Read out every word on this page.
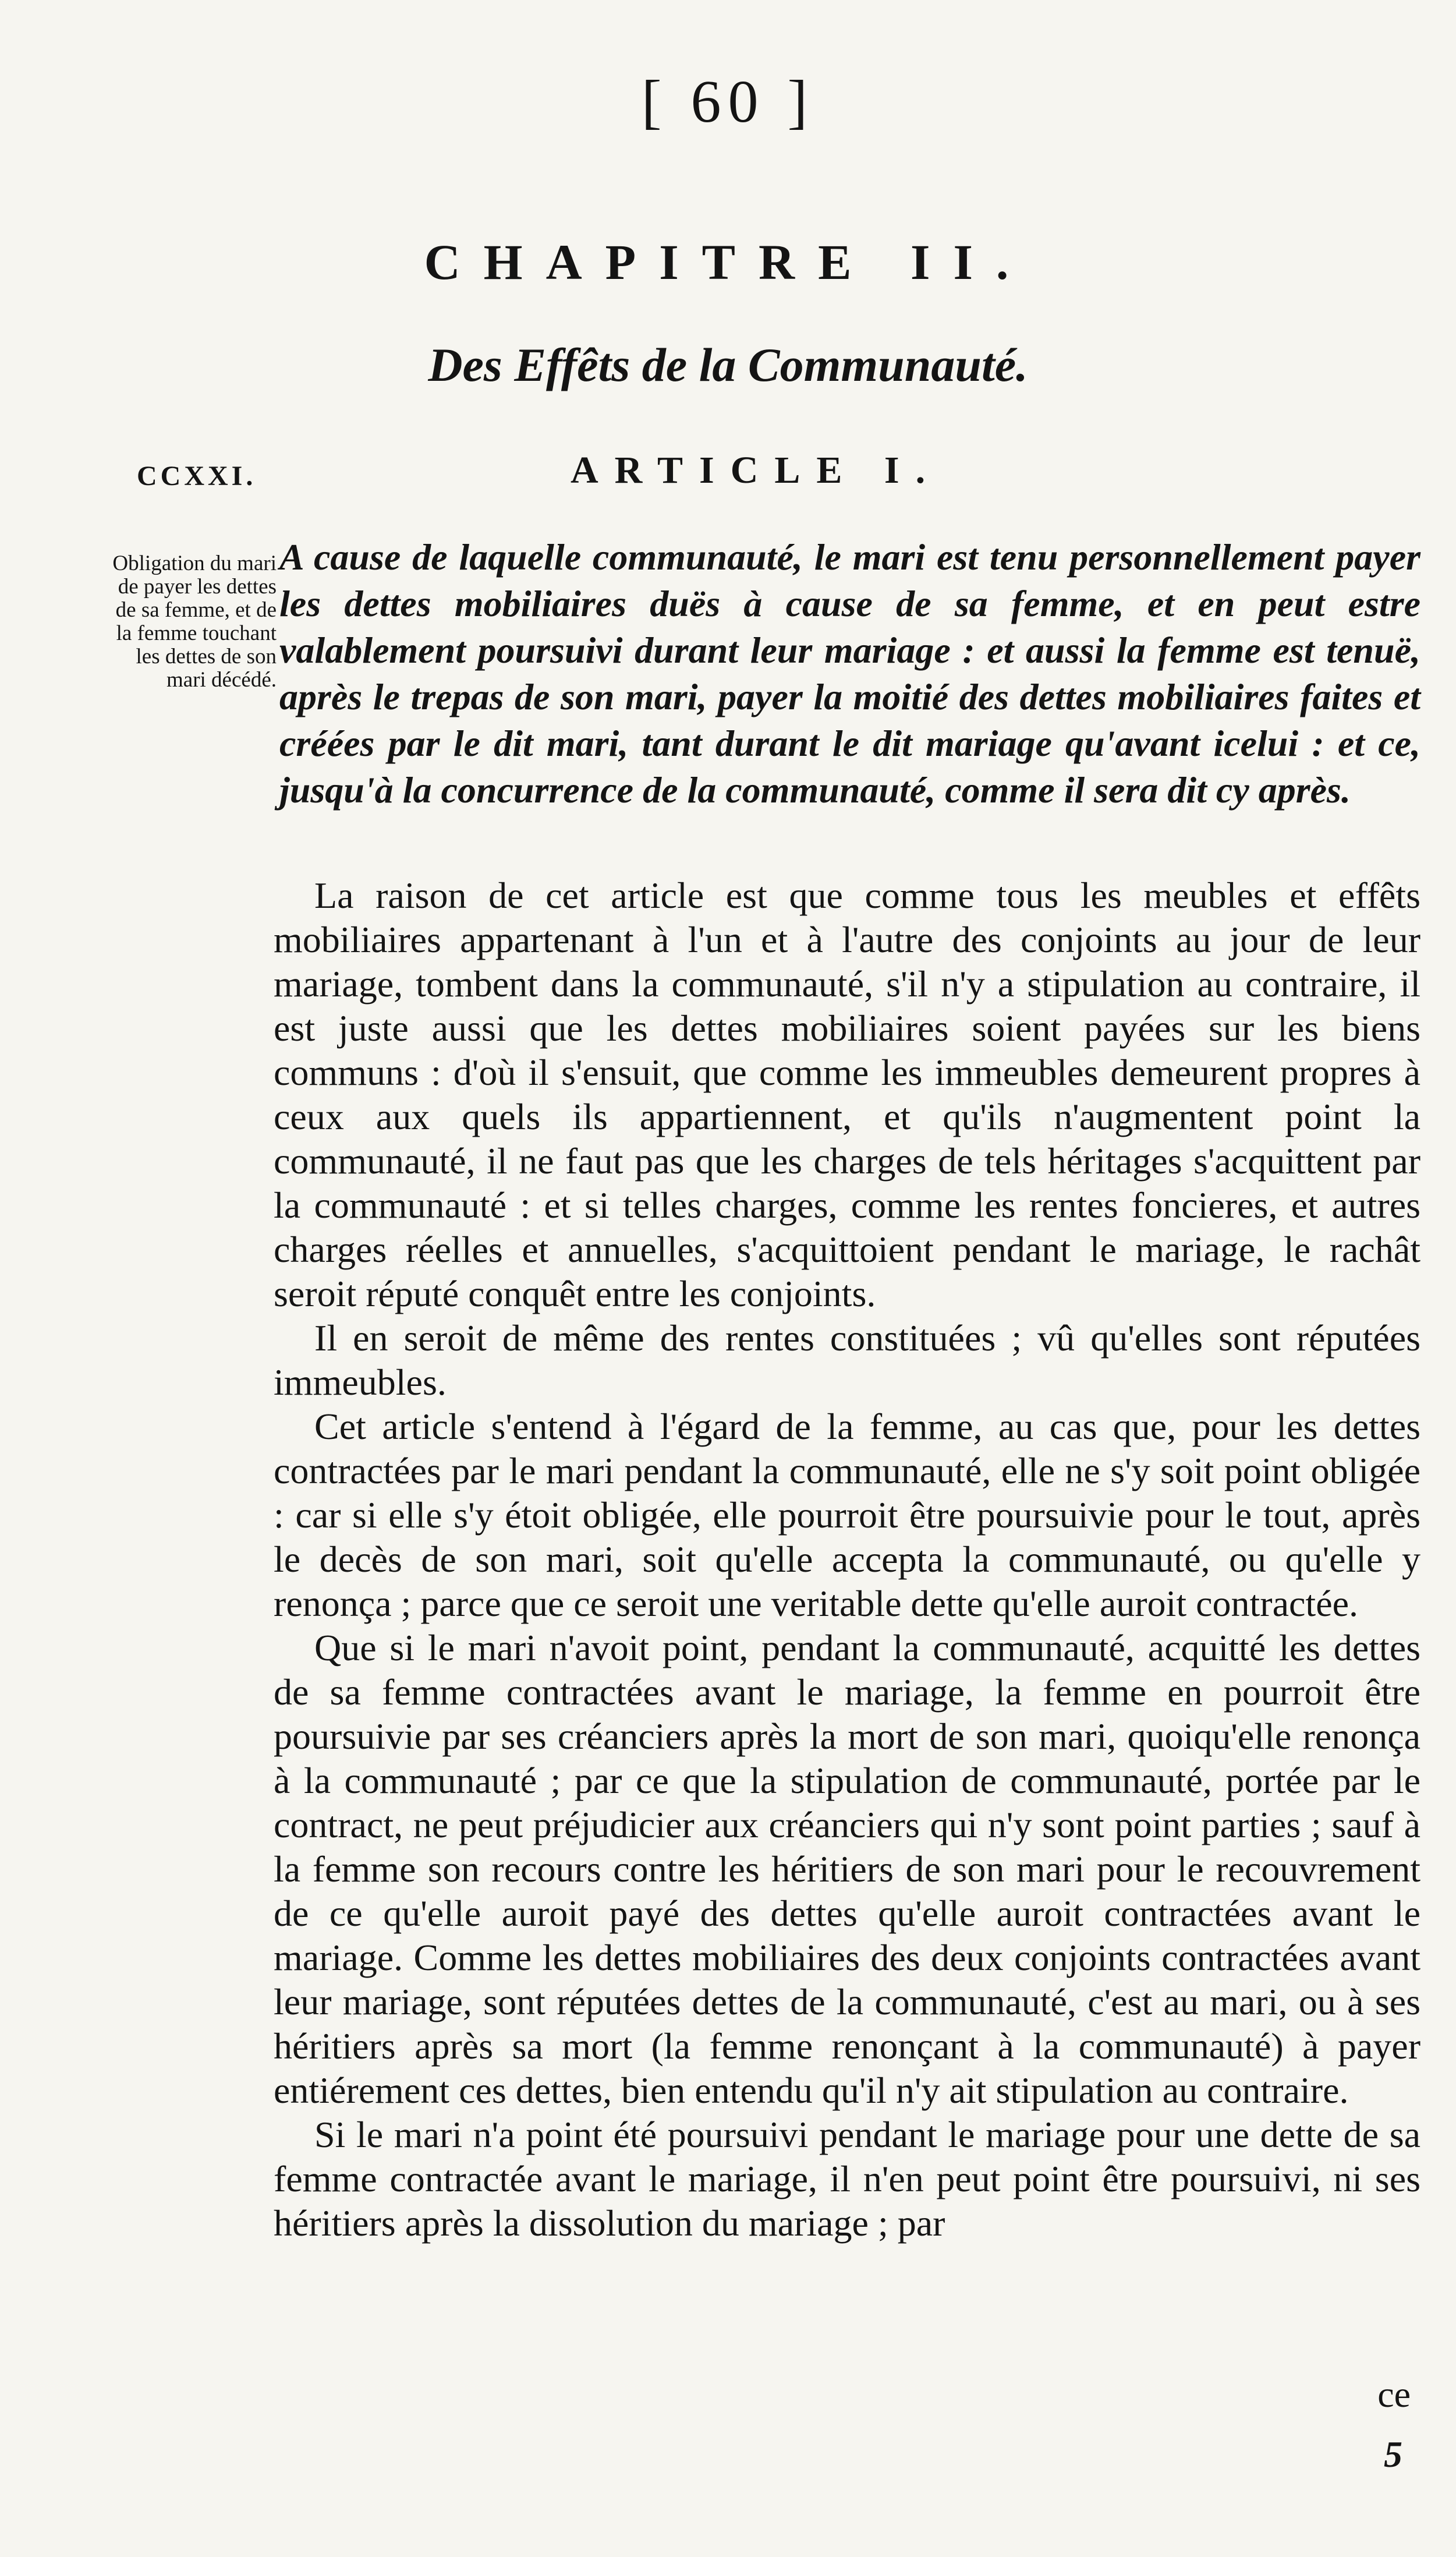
[ 60 ]
CHAPITRE II.
Des Effêts de la Communauté.
CCXXI.	ARTICLE I.
Obligation du mari de payer les dettes de sa femme, et de la femme touchant les dettes de son mari décédé.
A cause de laquelle communauté, le mari est tenu personnellement payer les dettes mobiliaires duës à cause de sa femme, et en peut estre valablement poursuivi durant leur mariage : et aussi la femme est tenuë, après le trepas de son mari, payer la moitié des dettes mobiliaires faites et créées par le dit mari, tant durant le dit mariage qu'avant icelui : et ce, jusqu'à la concurrence de la communauté, comme il sera dit cy après.

La raison de cet article est que comme tous les meubles et effêts mobiliaires appartenant à l'un et à l'autre des conjoints au jour de leur mariage, tombent dans la communauté, s'il n'y a stipulation au contraire, il est juste aussi que les dettes mobiliaires soient payées sur les biens communs : d'où il s'ensuit, que comme les immeubles demeurent propres à ceux aux quels ils appartiennent, et qu'ils n'augmentent point la communauté, il ne faut pas que les charges de tels héritages s'acquittent par la communauté : et si telles charges, comme les rentes foncieres, et autres charges réelles et annuelles, s'acquittoient pendant le mariage, le rachât seroit réputé conquêt entre les conjoints.

Il en seroit de même des rentes constituées ; vû qu'elles sont réputées immeubles.

Cet article s'entend à l'égard de la femme, au cas que, pour les dettes contractées par le mari pendant la communauté, elle ne s'y soit point obligée : car si elle s'y étoit obligée, elle pourroit être poursuivie pour le tout, après le decès de son mari, soit qu'elle accepta la communauté, ou qu'elle y renonça ; parce que ce seroit une veritable dette qu'elle auroit contractée.

Que si le mari n'avoit point, pendant la communauté, acquitté les dettes de sa femme contractées avant le mariage, la femme en pourroit être poursuivie par ses créanciers après la mort de son mari, quoiqu'elle renonça à la communauté ; par ce que la stipulation de communauté, portée par le contract, ne peut préjudicier aux créanciers qui n'y sont point parties ; sauf à la femme son recours contre les héritiers de son mari pour le recouvrement de ce qu'elle auroit payé des dettes qu'elle auroit contractées avant le mariage. Comme les dettes mobiliaires des deux conjoints contractées avant leur mariage, sont réputées dettes de la communauté, c'est au mari, ou à ses héritiers après sa mort (la femme renonçant à la communauté) à payer entiérement ces dettes, bien entendu qu'il n'y ait stipulation au contraire.

Si le mari n'a point été poursuivi pendant le mariage pour une dette de sa femme contractée avant le mariage, il n'en peut point être poursuivi, ni ses héritiers après la dissolution du mariage ; par

ce
5
